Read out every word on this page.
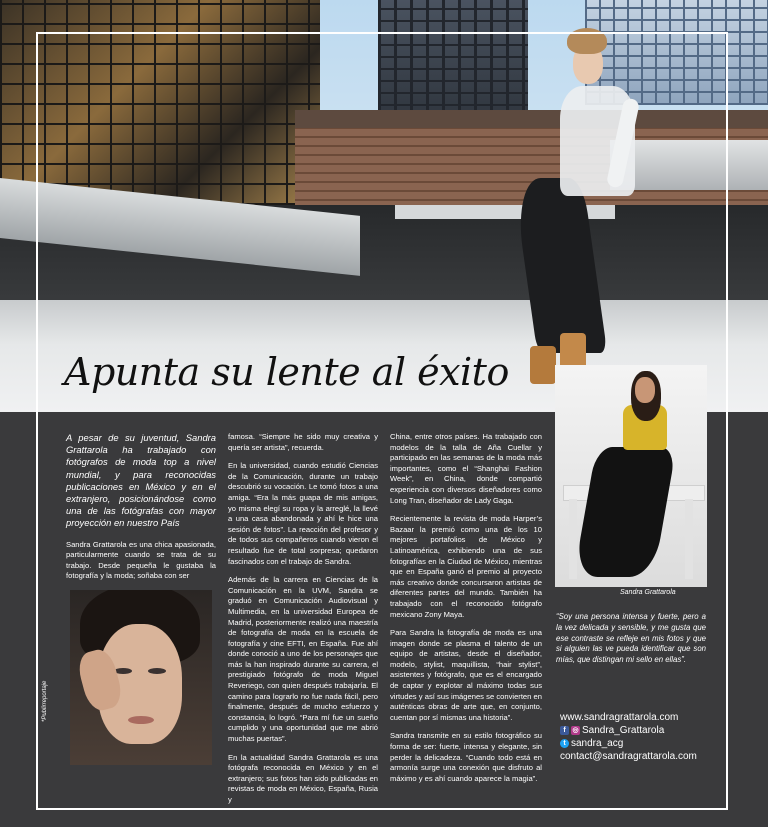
Apunta su lente al éxito

A pesar de su juventud, Sandra Grattarola ha trabajado con fotógrafos de moda top a nivel mundial, y para reconocidas publicaciones en México y en el extranjero, posicionándose como una de las fotógrafas con mayor proyección en nuestro País

Sandra Grattarola es una chica apasionada, particularmente cuando se trata de su trabajo. Desde pequeña le gustaba la fotografía y la moda; soñaba con ser

*Publirreportaje

famosa. “Siempre he sido muy creativa y quería ser artista”, recuerda.

En la universidad, cuando estudió Ciencias de la Comunicación, durante un trabajo descubrió su vocación. Le tomó fotos a una amiga. “Era la más guapa de mis amigas, yo misma elegí su ropa y la arreglé, la llevé a una casa abandonada y ahí le hice una sesión de fotos”. La reacción del profesor y de todos sus compañeros cuando vieron el resultado fue de total sorpresa; quedaron fascinados con el trabajo de Sandra.

Además de la carrera en Ciencias de la Comunicación en la UVM, Sandra se graduó en Comunicación Audiovisual y Multimedia, en la universidad Europea de Madrid, posteriormente realizó una maestría de fotografía de moda en la escuela de fotografía y cine EFTI, en España. Fue ahí donde conoció a uno de los personajes que más la han inspirado durante su carrera, el prestigiado fotógrafo de moda Miguel Reveriego, con quien después trabajaría. El camino para lograrlo no fue nada fácil, pero finalmente, después de mucho esfuerzo y constancia, lo logró. “Para mí fue un sueño cumplido y una oportunidad que me abrió muchas puertas”.

En la actualidad Sandra Grattarola es una fotógrafa reconocida en México y en el extranjero; sus fotos han sido publicadas en revistas de moda en México, España, Rusia y

China, entre otros países. Ha trabajado con modelos de la talla de Aña Cuellar y participado en las semanas de la moda más importantes, como el “Shanghai Fashion Week”, en China, donde compartió experiencia con diversos diseñadores como Long Tran, diseñador de Lady Gaga.

Recientemente la revista de moda Harper’s Bazaar la premió como una de los 10 mejores portafolios de México y Latinoamérica, exhibiendo una de sus fotografías en la Ciudad de México, mientras que en España ganó el premio al proyecto más creativo donde concursaron artistas de diferentes partes del mundo. También ha trabajado con el reconocido fotógrafo mexicano Zony Maya.

Para Sandra la fotografía de moda es una imagen donde se plasma el talento de un equipo de artistas, desde el diseñador, modelo, stylist, maquillista, “hair stylist”, asistentes y fotógrafo, que es el encargado de captar y explotar al máximo todas sus virtudes y así sus imágenes se convierten en auténticas obras de arte que, en conjunto, cuentan por sí mismas una historia”.

Sandra transmite en su estilo fotográfico su forma de ser: fuerte, intensa y elegante, sin perder la delicadeza. “Cuando todo está en armonía surge una conexión que disfruto al máximo y es ahí cuando aparece la magia”.

Sandra Grattarola

“Soy una persona intensa y fuerte, pero a la vez delicada y sensible, y me gusta que ese contraste se refleje en mis fotos y que si alguien las ve pueda identificar que son mías, que distingan mi sello en ellas”.

www.sandragrattarola.com
f ◎ Sandra_Grattarola
t sandra_acg
contact@sandragrattarola.com
